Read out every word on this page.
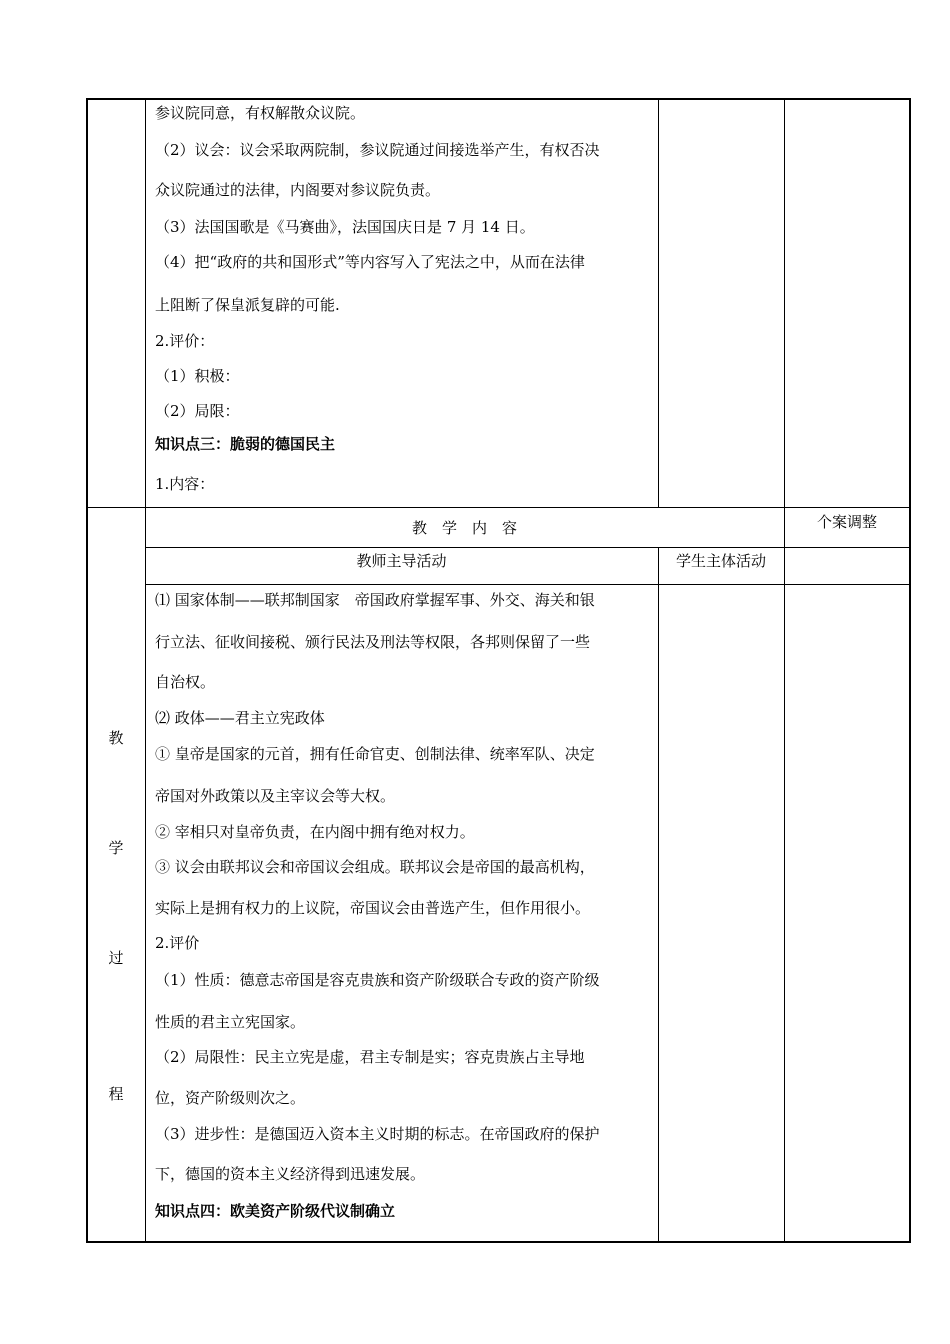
参议院同意，有权解散众议院。
（2）议会：议会采取两院制，参议院通过间接选举产生，有权否决
众议院通过的法律，内阁要对参议院负责。
（3）法国国歌是《马赛曲》，法国国庆日是 7 月 14 日。
（4）把“政府的共和国形式”等内容写入了宪法之中，从而在法律
上阻断了保皇派复辟的可能.
2.评价：
（1）积极：
（2）局限：
知识点三：脆弱的德国民主
1.内容：
教　学　内　容	个案调整
教师主导活动	学生主体活动
教
学
过
程
⑴ 国家体制——联邦制国家　帝国政府掌握军事、外交、海关和银
行立法、征收间接税、颁行民法及刑法等权限，各邦则保留了一些
自治权。
⑵ 政体——君主立宪政体
① 皇帝是国家的元首，拥有任命官吏、创制法律、统率军队、决定
帝国对外政策以及主宰议会等大权。
② 宰相只对皇帝负责，在内阁中拥有绝对权力。
③ 议会由联邦议会和帝国议会组成。联邦议会是帝国的最高机构，
实际上是拥有权力的上议院，帝国议会由普选产生，但作用很小。
2.评价
（1）性质：德意志帝国是容克贵族和资产阶级联合专政的资产阶级
性质的君主立宪国家。
（2）局限性：民主立宪是虚，君主专制是实；容克贵族占主导地
位，资产阶级则次之。
（3）进步性：是德国迈入资本主义时期的标志。在帝国政府的保护
下，德国的资本主义经济得到迅速发展。
知识点四：欧美资产阶级代议制确立
